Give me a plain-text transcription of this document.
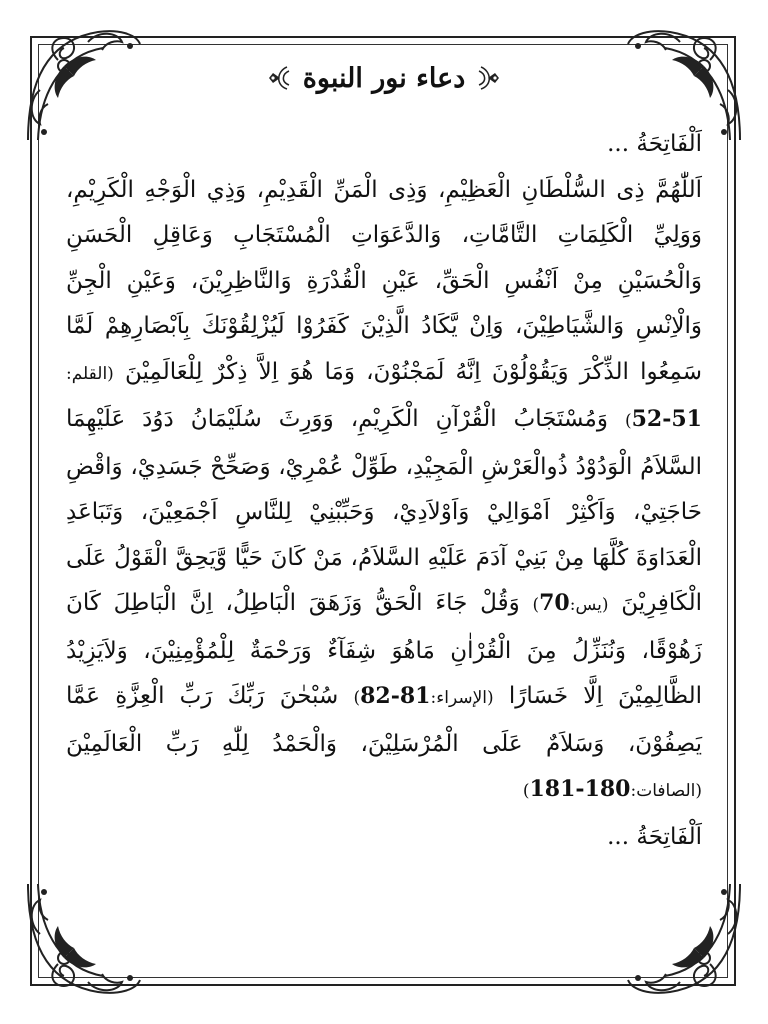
دعاء نور النبوة

اَلْفَاتِحَةُ ...

اَللّٰهُمَّ ذِى السُّلْطَانِ الْعَظِيْمِ، وَذِى الْمَنِّ الْقَدِيْمِ، وَذِي الْوَجْهِ الْكَرِيْمِ، وَوَلِيِّ الْكَلِمَاتِ التَّامَّاتِ، وَالدَّعَوَاتِ الْمُسْتَجَابِ وَعَاقِلِ الْحَسَنِ وَالْحُسَيْنِ مِنْ اَنْفُسِ الْحَقِّ، عَيْنِ الْقُدْرَةِ وَالنَّاظِرِيْنَ، وَعَيْنِ الْجِنِّ وَالْاِنْسِ وَالشَّيَاطِيْنَ، وَاِنْ يَّكَادُ الَّذِيْنَ كَفَرُوْا لَيُزْلِقُوْنَكَ بِاَبْصَارِهِمْ لَمَّا سَمِعُوا الذِّكْرَ وَيَقُوْلُوْنَ اِنَّهُ لَمَجْنُوْنَ، وَمَا هُوَ اِلاَّ ذِكْرٌ لِلْعَالَمِيْنَ (القلم: 51-52) وَمُسْتَجَابُ الْقُرْآنِ الْكَرِيْمِ، وَوَرِثَ سُلَيْمَانُ دَوُدَ عَلَيْهِمَا السَّلاَمُ الْوَدُوْدُ ذُوالْعَرْشِ الْمَجِيْدِ، طَوِّلْ عُمْرِيْ، وَصَحِّحْ جَسَدِيْ، وَاقْضِ حَاجَتِيْ، وَاَكْثِرْ اَمْوَالِيْ وَاَوْلاَدِيْ، وَحَبِّبْنِيْ لِلنَّاسِ اَجْمَعِيْنَ، وَتَبَاعَدِ الْعَدَاوَةَ كُلَّهَا مِنْ بَنِيْ آدَمَ عَلَيْهِ السَّلاَمُ، مَنْ كَانَ حَيًّا وَّيَحِقَّ الْقَوْلُ عَلَى الْكَافِرِيْنَ (يس:70) وَقُلْ جَاءَ الْحَقُّ وَزَهَقَ الْبَاطِلُ، اِنَّ الْبَاطِلَ كَانَ زَهُوْقًا، وَنُنَزِّلُ مِنَ الْقُرْاٰنِ مَاهُوَ شِفَآءٌ وَرَحْمَةٌ لِلْمُؤْمِنِيْنَ، وَلاَيَزِيْدُ الظَّالِمِيْنَ اِلَّا خَسَارًا (الإسراء:81-82) سُبْحٰنَ رَبِّكَ رَبِّ الْعِزَّةِ عَمَّا يَصِفُوْنَ، وَسَلاَمٌ عَلَى الْمُرْسَلِيْنَ، وَالْحَمْدُ لِلّٰهِ رَبِّ الْعَالَمِيْنَ (الصافات:180-181)

اَلْفَاتِحَةُ ...
